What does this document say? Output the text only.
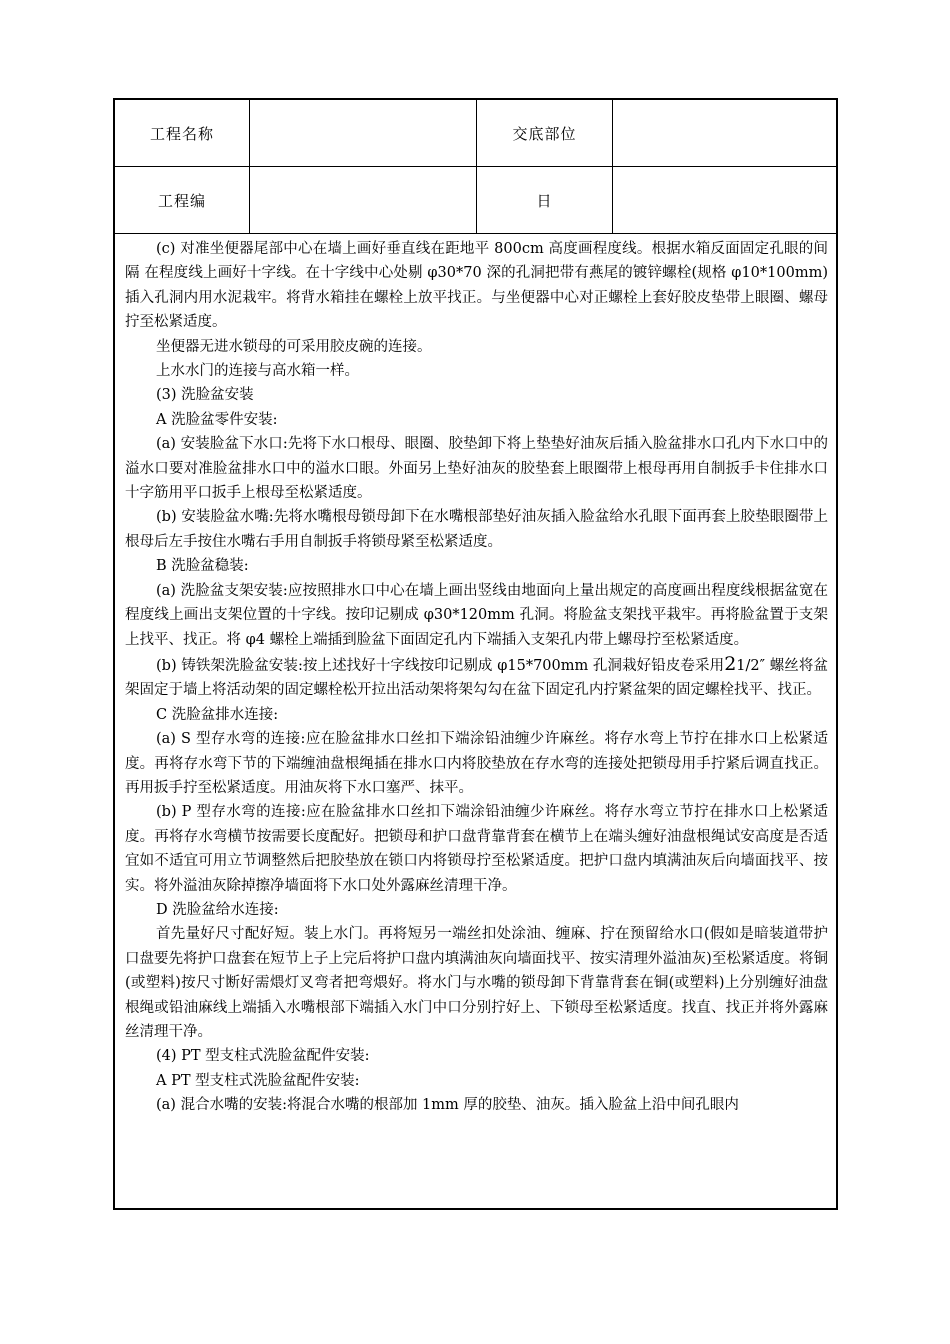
工程名称	交底部位
工程编	日

(c) 对准坐便器尾部中心在墙上画好垂直线在距地平 800cm 高度画程度线。根据水箱反面固定孔眼的间隔 在程度线上画好十字线。在十字线中心处剔 φ30*70 深的孔洞把带有燕尾的镀锌螺栓(规格 φ10*100mm)插入孔洞内用水泥栽牢。将背水箱挂在螺栓上放平找正。与坐便器中心对正螺栓上套好胶皮垫带上眼圈、螺母拧至松紧适度。

坐便器无进水锁母的可采用胶皮碗的连接。

上水水门的连接与高水箱一样。

(3) 洗脸盆安装

A 洗脸盆零件安装:

(a) 安装脸盆下水口:先将下水口根母、眼圈、胶垫卸下将上垫垫好油灰后插入脸盆排水口孔内下水口中的溢水口要对准脸盆排水口中的溢水口眼。外面另上垫好油灰的胶垫套上眼圈带上根母再用自制扳手卡住排水口十字筋用平口扳手上根母至松紧适度。

(b) 安装脸盆水嘴:先将水嘴根母锁母卸下在水嘴根部垫好油灰插入脸盆给水孔眼下面再套上胶垫眼圈带上根母后左手按住水嘴右手用自制扳手将锁母紧至松紧适度。

B 洗脸盆稳装:

(a) 洗脸盆支架安装:应按照排水口中心在墙上画出竖线由地面向上量出规定的高度画出程度线根据盆宽在程度线上画出支架位置的十字线。按印记剔成 φ30*120mm 孔洞。将脸盆支架找平栽牢。再将脸盆置于支架上找平、找正。将 φ4 螺栓上端插到脸盆下面固定孔内下端插入支架孔内带上螺母拧至松紧适度。

(b) 铸铁架洗脸盆安装:按上述找好十字线按印记剔成 φ15*700mm 孔洞栽好铅皮卷采用21/2″ 螺丝将盆架固定于墙上将活动架的固定螺栓松开拉出活动架将架勾勾在盆下固定孔内拧紧盆架的固定螺栓找平、找正。

C 洗脸盆排水连接:

(a) S 型存水弯的连接:应在脸盆排水口丝扣下端涂铅油缠少许麻丝。将存水弯上节拧在排水口上松紧适度。再将存水弯下节的下端缠油盘根绳插在排水口内将胶垫放在存水弯的连接处把锁母用手拧紧后调直找正。再用扳手拧至松紧适度。用油灰将下水口塞严、抹平。

(b) P 型存水弯的连接:应在脸盆排水口丝扣下端涂铅油缠少许麻丝。将存水弯立节拧在排水口上松紧适度。再将存水弯横节按需要长度配好。把锁母和护口盘背靠背套在横节上在端头缠好油盘根绳试安高度是否适宜如不适宜可用立节调整然后把胶垫放在锁口内将锁母拧至松紧适度。把护口盘内填满油灰后向墙面找平、按实。将外溢油灰除掉擦净墙面将下水口处外露麻丝清理干净。

D 洗脸盆给水连接:

首先量好尺寸配好短。装上水门。再将短另一端丝扣处涂油、缠麻、拧在预留给水口(假如是暗装道带护口盘要先将护口盘套在短节上子上完后将护口盘内填满油灰向墙面找平、按实清理外溢油灰)至松紧适度。将铜(或塑料)按尺寸断好需煨灯叉弯者把弯煨好。将水门与水嘴的锁母卸下背靠背套在铜(或塑料)上分别缠好油盘根绳或铅油麻线上端插入水嘴根部下端插入水门中口分别拧好上、下锁母至松紧适度。找直、找正并将外露麻丝清理干净。

(4) PT 型支柱式洗脸盆配件安装:

A PT 型支柱式洗脸盆配件安装:

(a) 混合水嘴的安装:将混合水嘴的根部加 1mm 厚的胶垫、油灰。插入脸盆上沿中间孔眼内
